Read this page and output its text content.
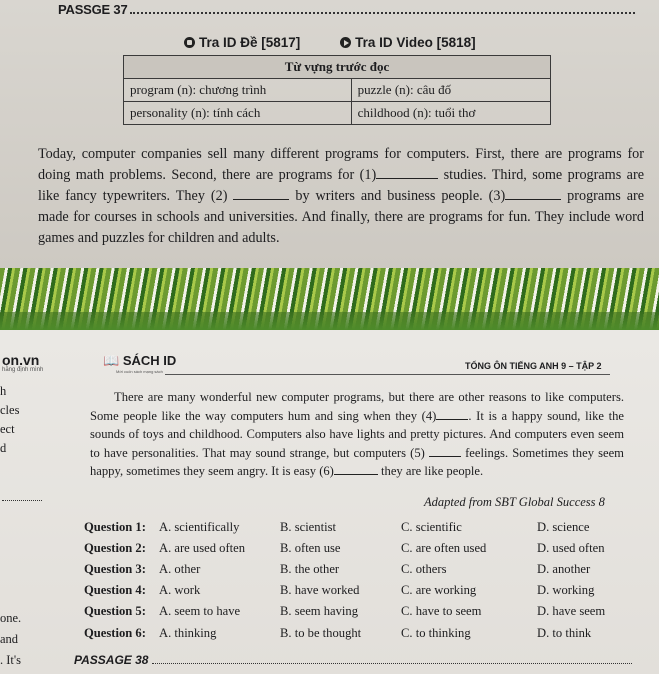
PASSGE 37
Tra ID Đề [5817]
	Tra ID Video [5818]
Từ vựng trước đọc	
program (n): chương trình	puzzle (n): câu đố
personality (n): tính cách	childhood (n): tuổi thơ
Today, computer companies sell many different programs for computers. First, there are programs for doing math problems. Second, there are programs for (1)	studies. Third, some programs are like fancy typewriters. They (2)	by writers and business people. (3)	programs are made for courses in schools and universities. And finally, there are programs for fun. They include word games and puzzles for children and adults.
on.vn
hằng định mình
📖 SÁCH ID
Mới cuốn sách mạng sách
TỔNG ÔN TIẾNG ANH 9 – TẬP 2
h
cles
ect
d
one.
and
. It's
There are many wonderful new computer programs, but there are other reasons to like computers. Some people like the way computers hum and sing when they (4)	. It is a happy sound, like the sounds of toys and childhood. Computers also have lights and pretty pictures. And computers even seem to have personalities. That may sound strange, but computers (5)	feelings. Sometimes they seem happy, sometimes they seem angry. It is easy (6)	they are like people.
Adapted from SBT Global Success 8
Question 1: A. scientifically	B. scientist	C. scientific	D. science
Question 2: A. are used often	B. often use	C. are often used	D. used often
Question 3: A. other	B. the other	C. others	D. another
Question 4: A. work	B. have worked	C. are working	D. working
Question 5: A. seem to have	B. seem having	C. have to seem	D. have seem
Question 6: A. thinking	B. to be thought	C. to thinking	D. to think
PASSAGE 38
